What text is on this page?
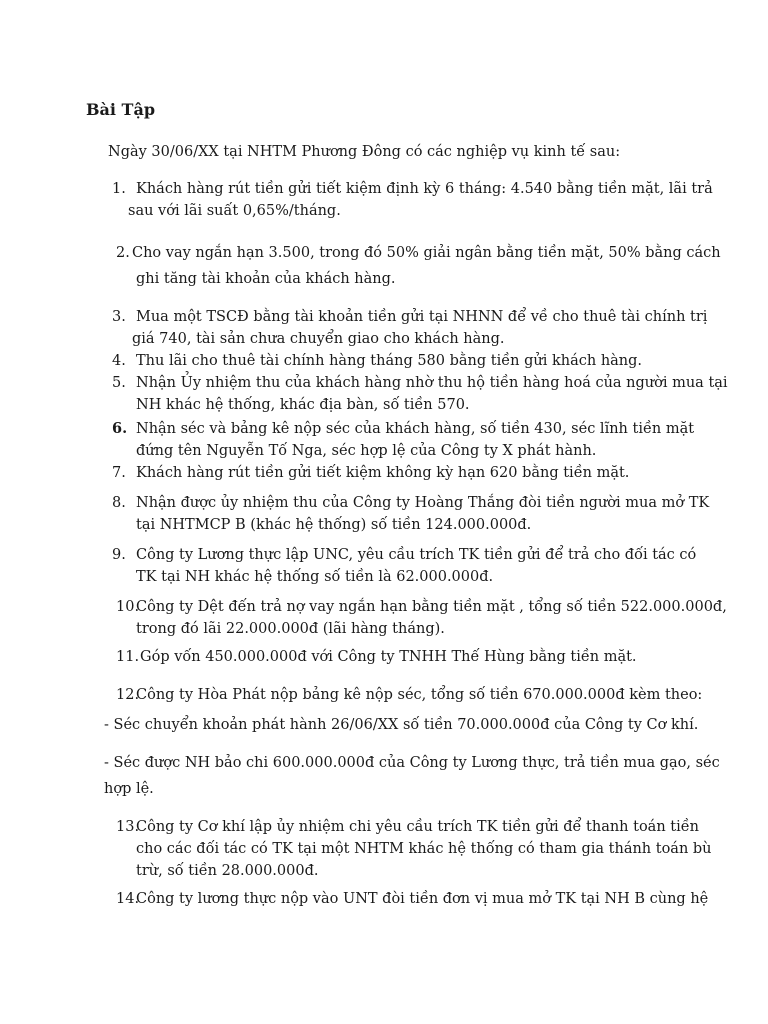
Bài Tập
Ngày 30/06/XX tại NHTM Phương Đông có các nghiệp vụ kinh tế sau:
1. Khách hàng rút tiền gửi tiết kiệm định kỳ 6 tháng: 4.540 bằng tiền mặt, lãi trả
sau với lãi suất 0,65%/tháng.
2. Cho vay ngắn hạn 3.500, trong đó 50% giải ngân bằng tiền mặt, 50% bằng cách
ghi tăng tài khoản của khách hàng.
3. Mua một TSCĐ bằng tài khoản tiền gửi tại NHNN để về cho thuê tài chính trị
giá 740, tài sản chưa chuyển giao cho khách hàng.
4. Thu lãi cho thuê tài chính hàng tháng 580 bằng tiền gửi khách hàng.
5. Nhận Ủy nhiệm thu của khách hàng nhờ thu hộ tiền hàng hoá của người mua tại
NH khác hệ thống, khác địa bàn, số tiền 570.
6. Nhận séc và bảng kê nộp séc của khách hàng, số tiền 430, séc lĩnh tiền mặt
đứng tên Nguyễn Tố Nga, séc hợp lệ của Công ty X phát hành.
7. Khách hàng rút tiền gửi tiết kiệm không kỳ hạn 620 bằng tiền mặt.
8. Nhận được ủy nhiệm thu của Công ty Hoàng Thắng đòi tiền người mua mở TK
tại NHTMCP B (khác hệ thống) số tiền 124.000.000đ.
9. Công ty Lương thực lập UNC, yêu cầu trích TK tiền gửi để trả cho đối tác có
TK tại NH khác hệ thống số tiền là 62.000.000đ.
10.
Công ty Dệt đến trả nợ vay ngắn hạn bằng tiền mặt , tổng số tiền 522.000.000đ,
trong đó lãi 22.000.000đ (lãi hàng tháng).
11. Góp vốn 450.000.000đ với Công ty TNHH Thế Hùng bằng tiền mặt.
12.
Công ty Hòa Phát nộp bảng kê nộp séc, tổng số tiền 670.000.000đ kèm theo:
- Séc chuyển khoản phát hành 26/06/XX số tiền 70.000.000đ của Công ty Cơ khí.
- Séc được NH bảo chi 600.000.000đ của Công ty Lương thực, trả tiền mua gạo, séc
hợp lệ.
13.
Công ty Cơ khí lập ủy nhiệm chi yêu cầu trích TK tiền gửi để thanh toán tiền
cho các đối tác có TK tại một NHTM khác hệ thống có tham gia thánh toán bù
trừ, số tiền 28.000.000đ.
14.
Công ty lương thực nộp vào UNT đòi tiền đơn vị mua mở TK tại NH B cùng hệ
